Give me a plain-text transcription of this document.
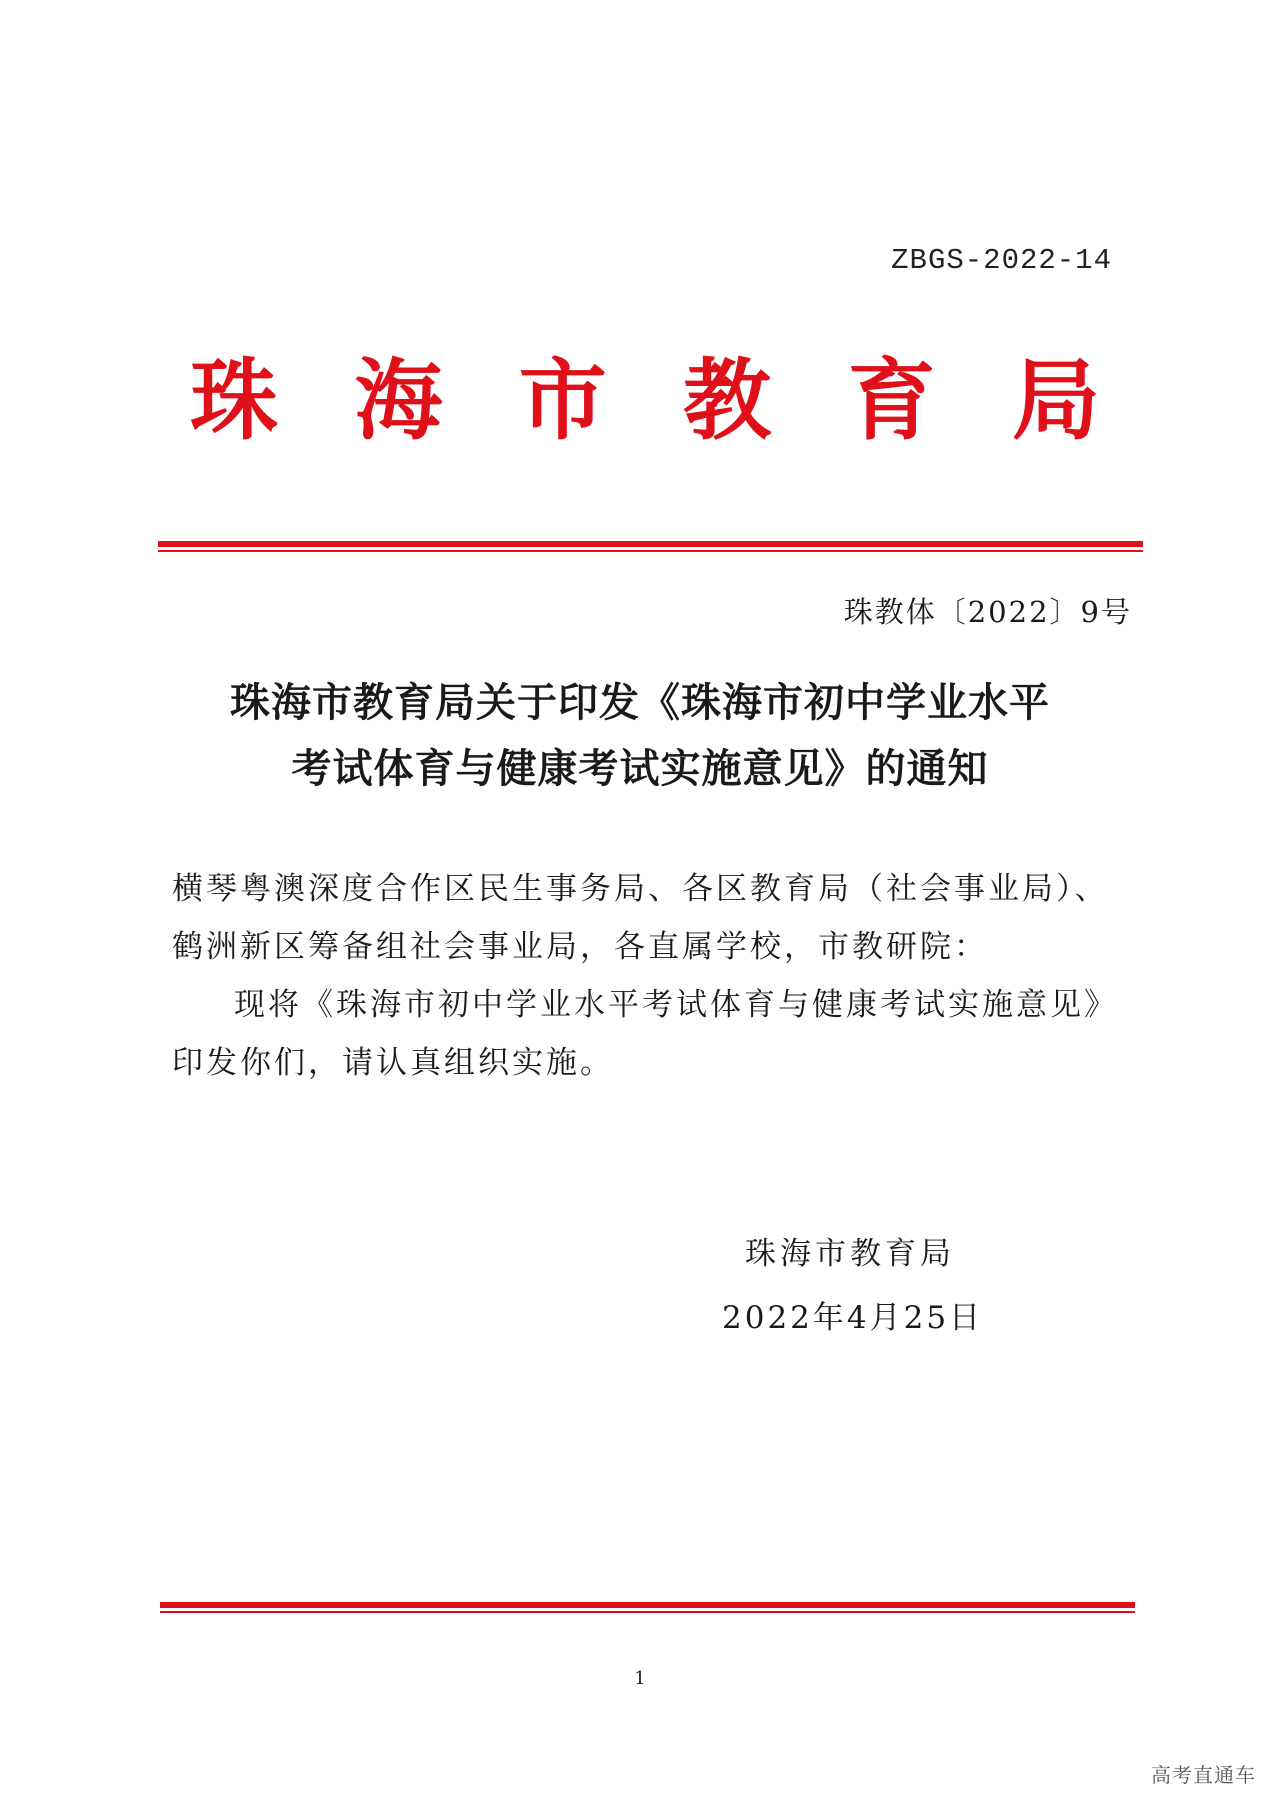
ZBGS-2022-14
珠 海 市 教 育 局
珠教体〔2022〕9号
珠海市教育局关于印发《珠海市初中学业水平
考试体育与健康考试实施意见》的通知
横琴粤澳深度合作区民生事务局、各区教育局（社会事业局）、鹤洲新区筹备组社会事业局，各直属学校，市教研院：
现将《珠海市初中学业水平考试体育与健康考试实施意见》印发你们，请认真组织实施。
珠海市教育局
2022年4月25日
1
高考直通车
